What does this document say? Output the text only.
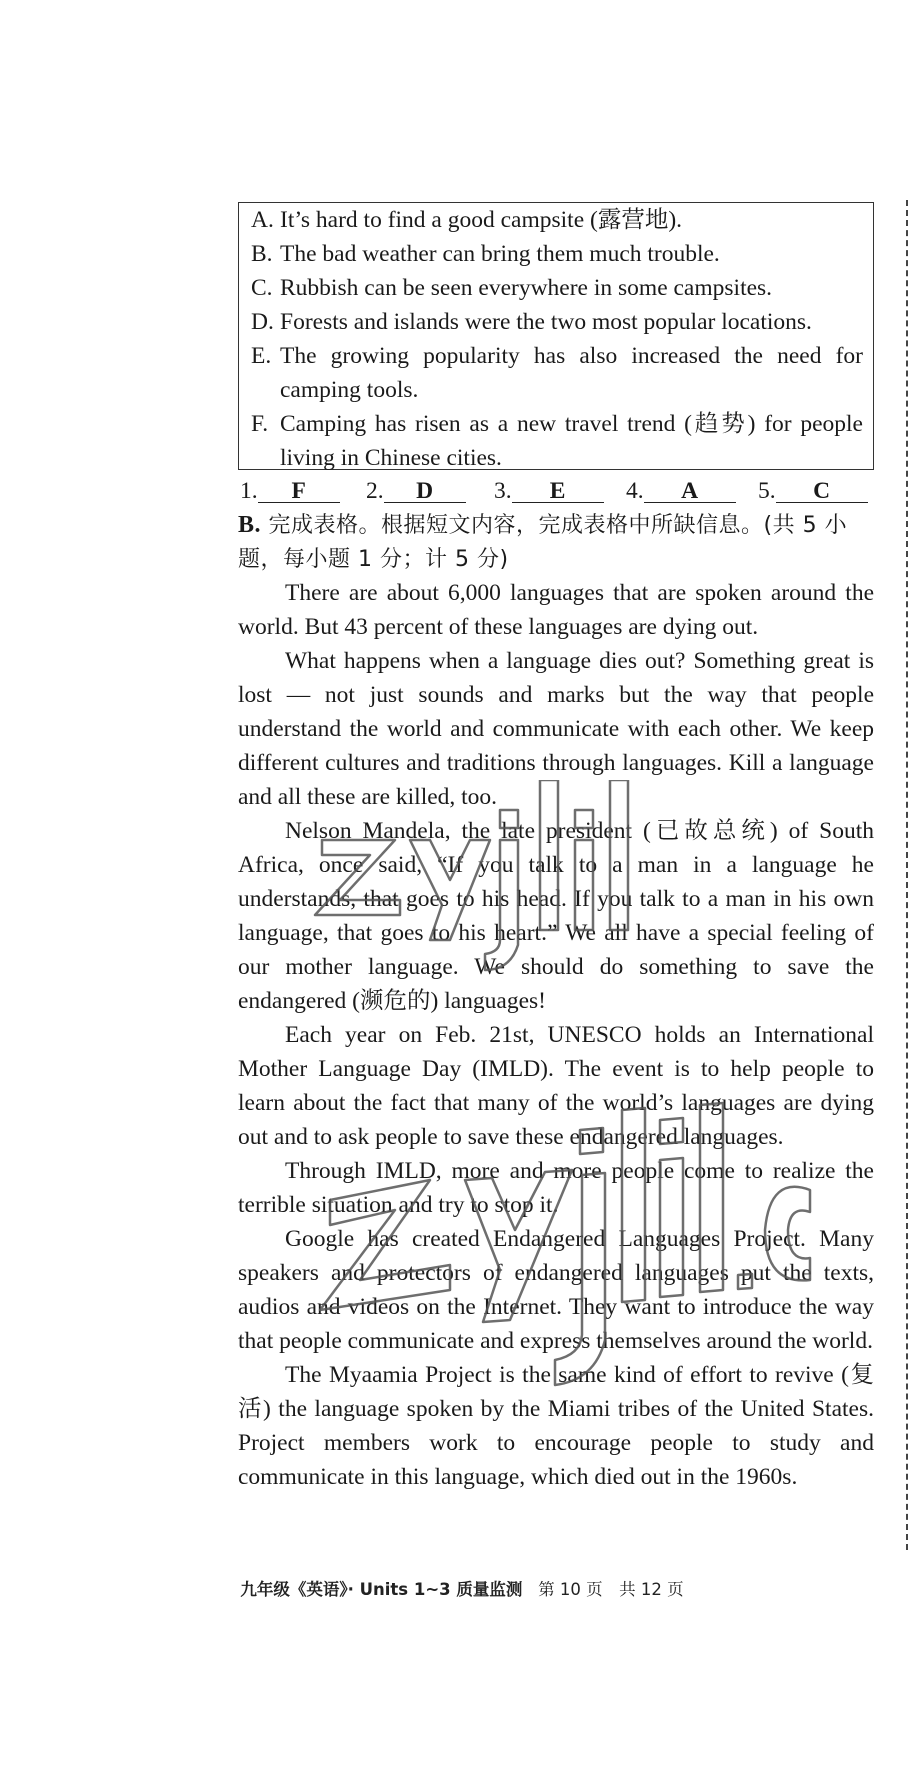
A. It’s hard to find a good campsite (露营地).
B. The bad weather can bring them much trouble.
C. Rubbish can be seen everywhere in some campsites.
D. Forests and islands were the two most popular locations.
E. The growing popularity has also increased the need for camping tools.
F. Camping has risen as a new travel trend (趋势) for people living in Chinese cities.
1. F	2. D	3. E	4. A	5. C
B. 完成表格。根据短文内容，完成表格中所缺信息。(共 5 小题，每小题 1 分；计 5 分)

There are about 6,000 languages that are spoken around the world. But 43 percent of these languages are dying out.

What happens when a language dies out? Something great is lost — not just sounds and marks but the way that people understand the world and communicate with each other. We keep different cultures and traditions through languages. Kill a language and all these are killed, too.

Nelson Mandela, the late president (已故总统) of South Africa, once said, “If you talk to a man in a language he understands, that goes to his head. If you talk to a man in his own language, that goes to his heart.” We all have a special feeling of our mother language. We should do something to save the endangered (濒危的) languages!

Each year on Feb. 21st, UNESCO holds an International Mother Language Day (IMLD). The event is to help people to learn about the fact that many of the world’s languages are dying out and to ask people to save these endangered languages.

Through IMLD, more and more people come to realize the terrible situation and try to stop it.

Google has created Endangered Languages Project. Many speakers and protectors of endangered languages put the texts, audios and videos on the Internet. They want to introduce the way that people communicate and express themselves around the world.

The Myaamia Project is the same kind of effort to revive (复活) the language spoken by the Miami tribes of the United States. Project members work to encourage people to study and communicate in this language, which died out in the 1960s.

九年级《英语》· Units 1~3 质量监测 第 10 页　共 12 页
